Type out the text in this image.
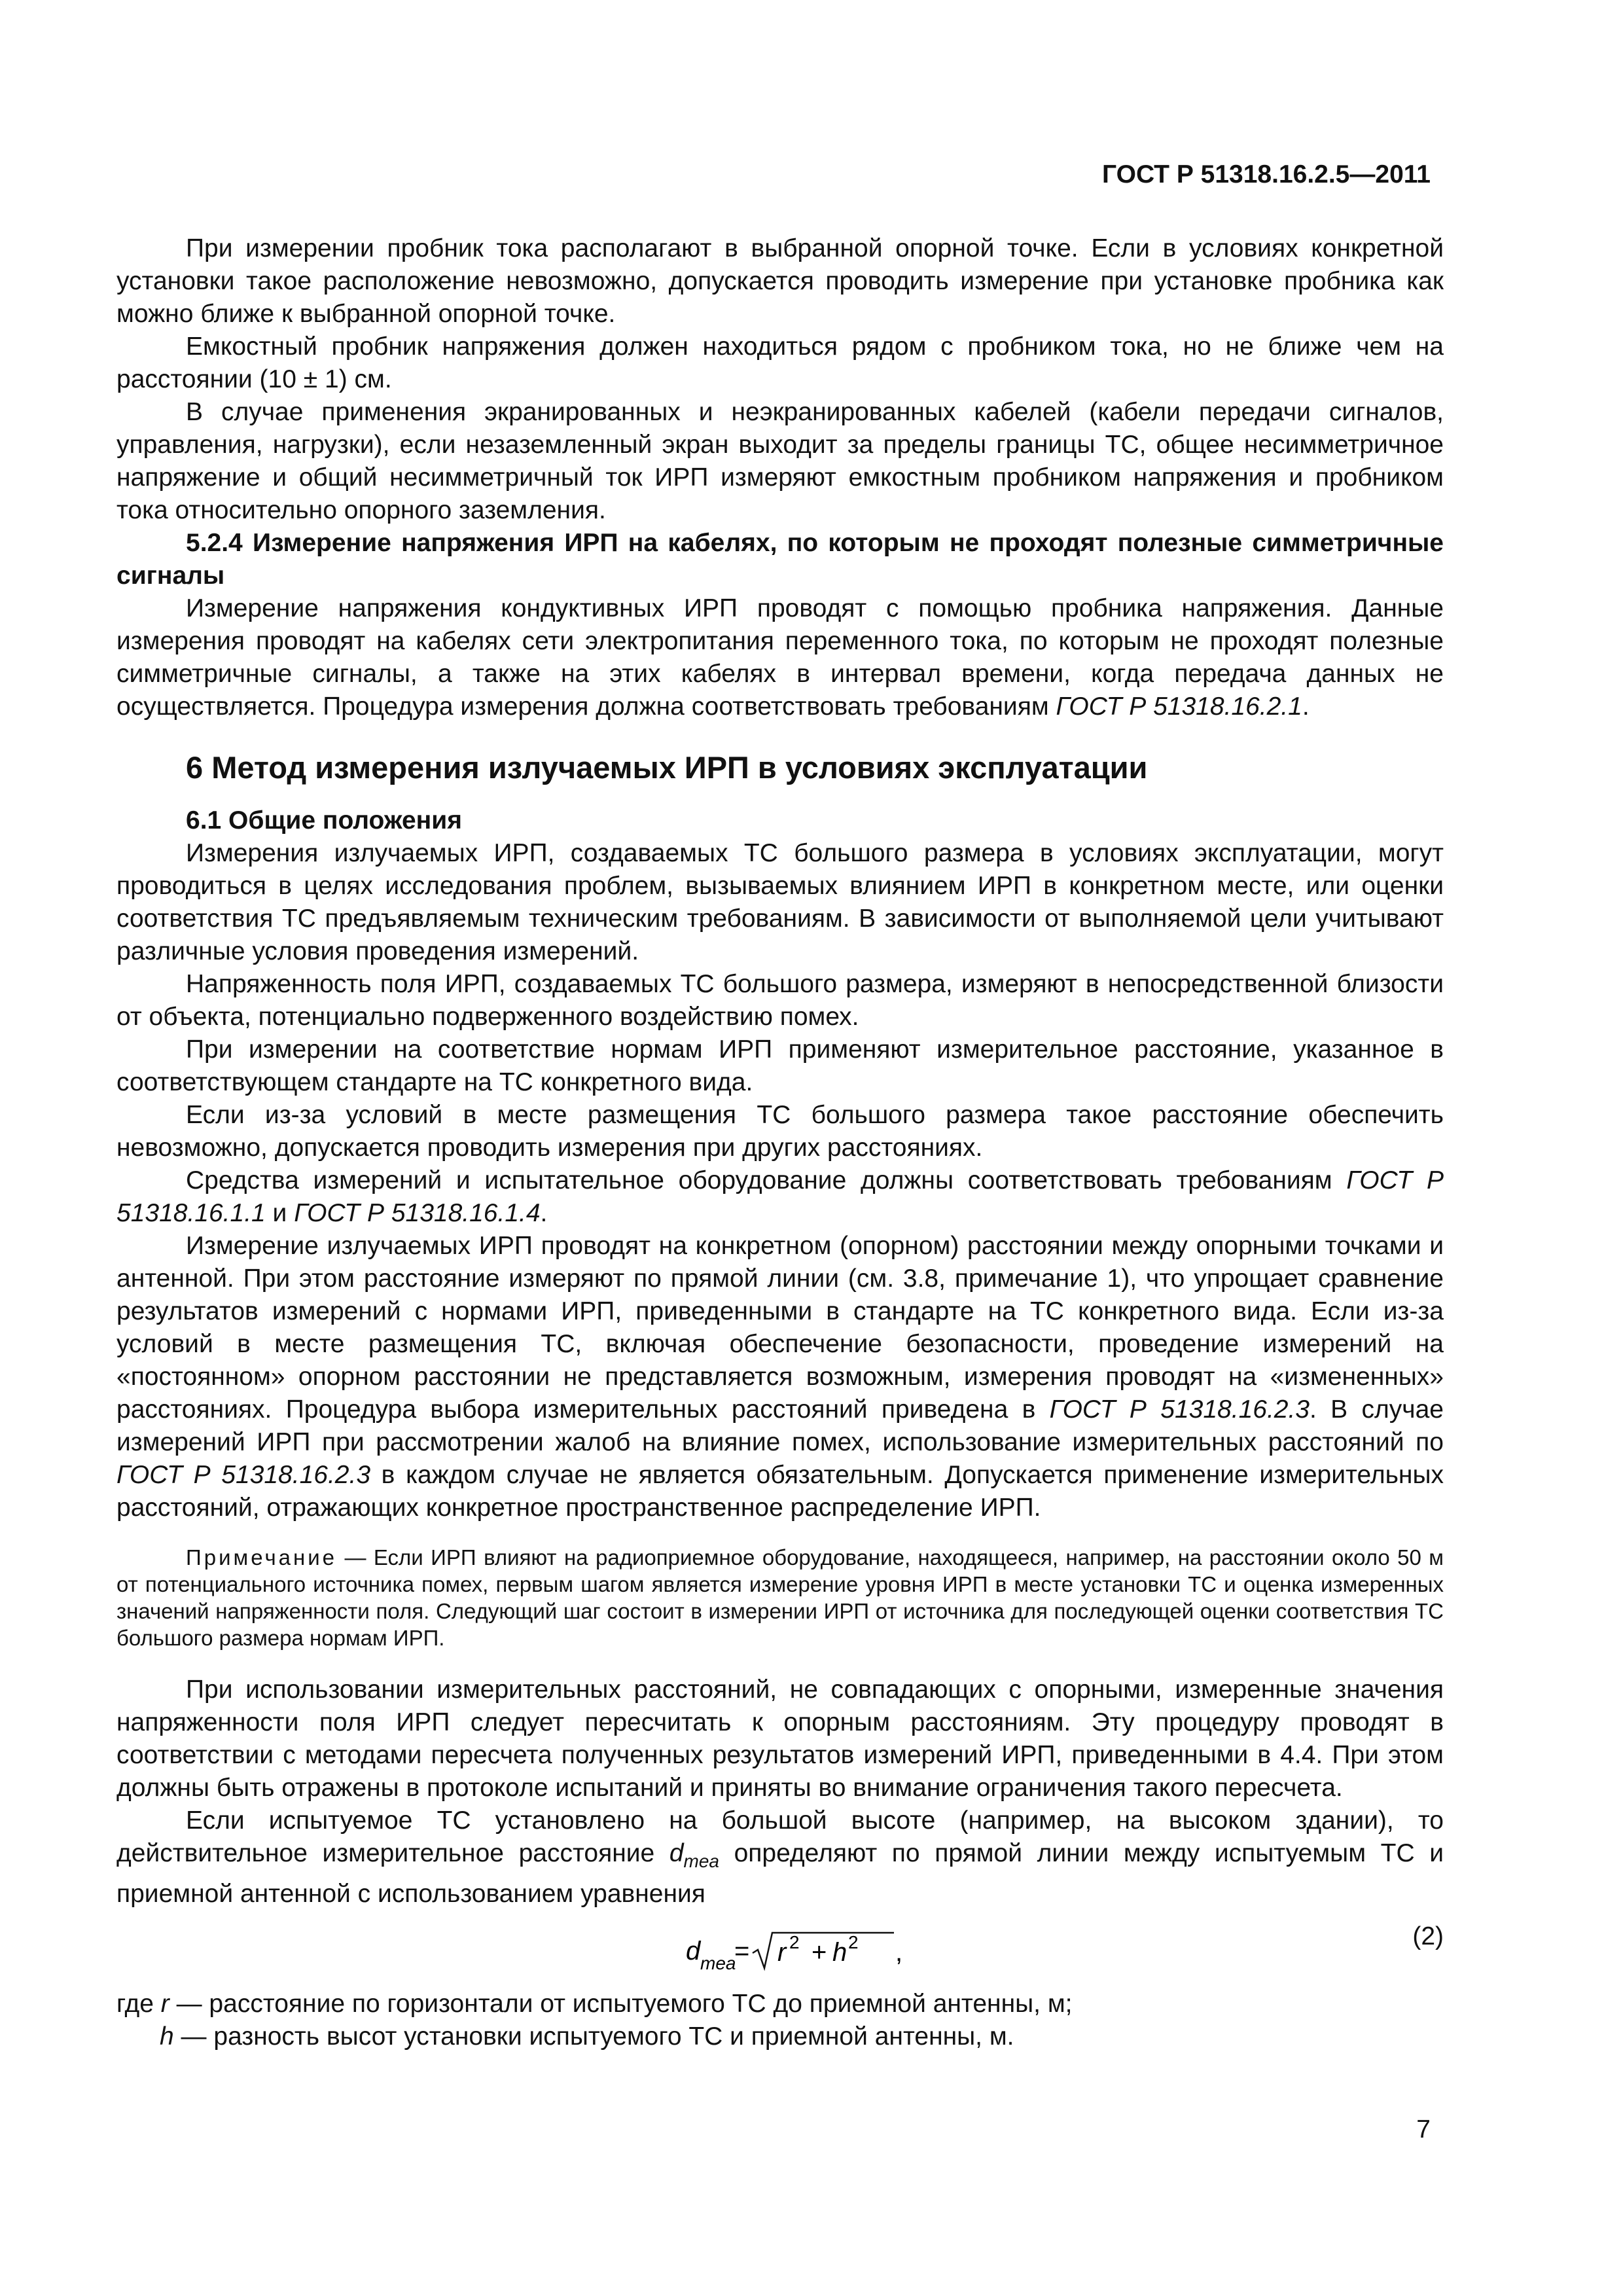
ГОСТ Р 51318.16.2.5—2011

При измерении пробник тока располагают в выбранной опорной точке. Если в условиях конкретной установки такое расположение невозможно, допускается проводить измерение при установке пробника как можно ближе к выбранной опорной точке.

Емкостный пробник напряжения должен находиться рядом с пробником тока, но не ближе чем на расстоянии (10 ± 1) см.

В случае применения экранированных и неэкранированных кабелей (кабели передачи сигналов, управления, нагрузки), если незаземленный экран выходит за пределы границы ТС, общее несимметричное напряжение и общий несимметричный ток ИРП измеряют емкостным пробником напряжения и пробником тока относительно опорного заземления.

5.2.4 Измерение напряжения ИРП на кабелях, по которым не проходят полезные симметричные сигналы

Измерение напряжения кондуктивных ИРП проводят с помощью пробника напряжения. Данные измерения проводят на кабелях сети электропитания переменного тока, по которым не проходят полезные симметричные сигналы, а также на этих кабелях в интервал времени, когда передача данных не осуществляется. Процедура измерения должна соответствовать требованиям ГОСТ Р 51318.16.2.1.

6 Метод измерения излучаемых ИРП в условиях эксплуатации

6.1 Общие положения

Измерения излучаемых ИРП, создаваемых ТС большого размера в условиях эксплуатации, могут проводиться в целях исследования проблем, вызываемых влиянием ИРП в конкретном месте, или оценки соответствия ТС предъявляемым техническим требованиям. В зависимости от выполняемой цели учитывают различные условия проведения измерений.

Напряженность поля ИРП, создаваемых ТС большого размера, измеряют в непосредственной близости от объекта, потенциально подверженного воздействию помех.

При измерении на соответствие нормам ИРП применяют измерительное расстояние, указанное в соответствующем стандарте на ТС конкретного вида.

Если из-за условий в месте размещения ТС большого размера такое расстояние обеспечить невозможно, допускается проводить измерения при других расстояниях.

Средства измерений и испытательное оборудование должны соответствовать требованиям ГОСТ Р 51318.16.1.1 и ГОСТ Р 51318.16.1.4.

Измерение излучаемых ИРП проводят на конкретном (опорном) расстоянии между опорными точками и антенной. При этом расстояние измеряют по прямой линии (см. 3.8, примечание 1), что упрощает сравнение результатов измерений с нормами ИРП, приведенными в стандарте на ТС конкретного вида. Если из-за условий в месте размещения ТС, включая обеспечение безопасности, проведение измерений на «постоянном» опорном расстоянии не представляется возможным, измерения проводят на «измененных» расстояниях. Процедура выбора измерительных расстояний приведена в ГОСТ Р 51318.16.2.3. В случае измерений ИРП при рассмотрении жалоб на влияние помех, использование измерительных расстояний по ГОСТ Р 51318.16.2.3 в каждом случае не является обязательным. Допускается применение измерительных расстояний, отражающих конкретное пространственное распределение ИРП.

Примечание — Если ИРП влияют на радиоприемное оборудование, находящееся, например, на расстоянии около 50 м от потенциального источника помех, первым шагом является измерение уровня ИРП в месте установки ТС и оценка измеренных значений напряженности поля. Следующий шаг состоит в измерении ИРП от источника для последующей оценки соответствия ТС большого размера нормам ИРП.

При использовании измерительных расстояний, не совпадающих с опорными, измеренные значения напряженности поля ИРП следует пересчитать к опорным расстояниям. Эту процедуру проводят в соответствии с методами пересчета полученных результатов измерений ИРП, приведенными в 4.4. При этом должны быть отражены в протоколе испытаний и приняты во внимание ограничения такого пересчета.

Если испытуемое ТС установлено на большой высоте (например, на высоком здании), то действительное измерительное расстояние $d_{mea}$ определяют по прямой линии между испытуемым ТС и приемной антенной с использованием уравнения

d mea
= r 2 + h 2 ,
(2)

где r — расстояние по горизонтали от испытуемого ТС до приемной антенны, м;

h — разность высот установки испытуемого ТС и приемной антенны, м.

7
